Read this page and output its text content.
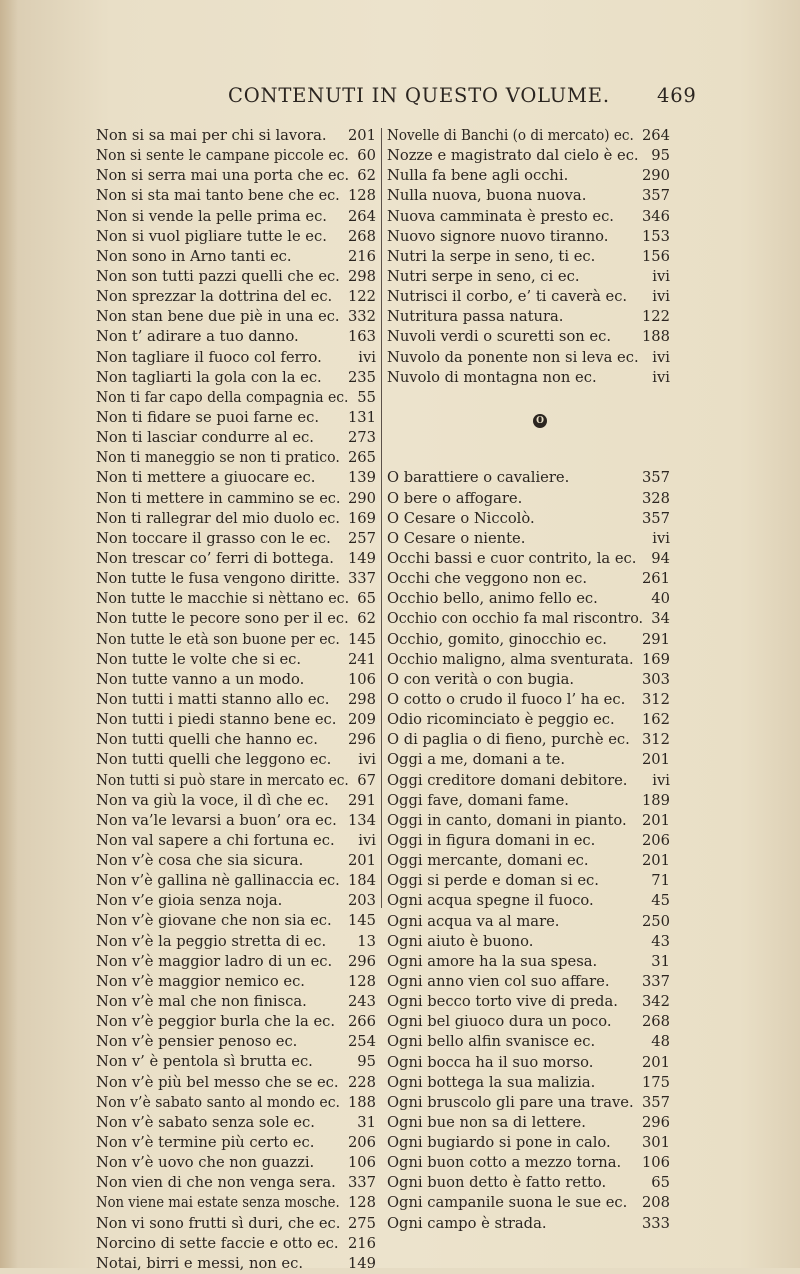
CONTENUTI IN QUESTO VOLUME. 469
Non si sa mai per chi si lavora. 201
Non si sente le campane piccole ec. 60
Non si serra mai una porta che ec. 62
Non si sta mai tanto bene che ec. 128
Non si vende la pelle prima ec. 264
Non si vuol pigliare tutte le ec. 268
Non sono in Arno tanti ec.	216
Non son tutti pazzi quelli che ec. 298
Non sprezzar la dottrina del ec. 122
Non stan bene due piè in una ec. 332
Non t’ adirare a tuo danno.	163
Non tagliare il fuoco col ferro. ivi
Non tagliarti la gola con la ec. 235
Non ti far capo della compagnia ec. 55
Non ti fidare se puoi farne ec. 131
Non ti lasciar condurre al ec. 273
Non ti maneggio se non ti pratico. 265
Non ti mettere a giuocare ec. 139
Non ti mettere in cammino se ec. 290
Non ti rallegrar del mio duolo ec. 169
Non toccare il grasso con le ec. 257
Non trescar co’ ferri di bottega. 149
Non tutte le fusa vengono diritte. 337
Non tutte le macchie si nèttano ec. 65
Non tutte le pecore sono per il ec. 62
Non tutte le età son buone per ec. 145
Non tutte le volte che si ec.	241
Non tutte vanno a un modo.	106
Non tutti i matti stanno allo ec. 298
Non tutti i piedi stanno bene ec. 209
Non tutti quelli che hanno ec. 296
Non tutti quelli che leggono ec. ivi
Non tutti si può stare in mercato ec. 67
Non va giù la voce, il dì che ec. 291
Non va’le levarsi a buon’ ora ec. 134
Non val sapere a chi fortuna ec. ivi
Non v’è cosa che sia sicura.	201
Non v’è gallina nè gallinaccia ec. 184
Non v’e gioia senza noja.	203
Non v’è giovane che non sia ec. 145
Non v’è la peggio stretta di ec. 13
Non v’è maggior ladro di un ec. 296
Non v’è maggior nemico ec.	128
Non v’è mal che non finisca.	243
Non v’è peggior burla che la ec. 266
Non v’è pensier penoso ec.	254
Non v’ è pentola sì brutta ec.	95
Non v’è più bel messo che se ec. 228
Non v’è sabato santo al mondo ec. 188
Non v’è sabato senza sole ec.	31
Non v’è termine più certo ec. 206
Non v’è uovo che non guazzi. 106
Non vien di che non venga sera. 337
Non viene mai estate senza mosche. 128
Non vi sono frutti sì duri, che ec. 275
Norcino di sette faccie e otto ec. 216
Notai, birri e messi, non ec.	149
Novelle di Banchi (o di mercato) ec. 264
Nozze e magistrato dal cielo è ec. 95
Nulla fa bene agli occhi.	290
Nulla nuova, buona nuova.	357
Nuova camminata è presto ec. 346
Nuovo signore nuovo tiranno. 153
Nutri la serpe in seno, ti ec.	156
Nutri serpe in seno, ci ec.	ivi
Nutrisci il corbo, e’ ti caverà ec. ivi
Nutritura passa natura.	122
Nuvoli verdi o scuretti son ec. 188
Nuvolo da ponente non si leva ec. ivi
Nuvolo di montagna non ec.	ivi
O
O barattiere o cavaliere.	357
O bere o affogare.	328
O Cesare o Niccolò.	357
O Cesare o niente.	ivi
Occhi bassi e cuor contrito, la ec. 94
Occhi che veggono non ec.	261
Occhio bello, animo fello ec.	40
Occhio con occhio fa mal riscontro. 34
Occhio, gomito, ginocchio ec. 291
Occhio maligno, alma sventurata. 169
O con verità o con bugia.	303
O cotto o crudo il fuoco l’ ha ec. 312
Odio ricominciato è peggio ec. 162
O di paglia o di fieno, purchè ec. 312
Oggi a me, domani a te.	201
Oggi creditore domani debitore. ivi
Oggi fave, domani fame.	189
Oggi in canto, domani in pianto. 201
Oggi in figura domani in ec.	206
Oggi mercante, domani ec.	201
Oggi si perde e doman si ec.	71
Ogni acqua spegne il fuoco.	45
Ogni acqua va al mare.	250
Ogni aiuto è buono.	43
Ogni amore ha la sua spesa.	31
Ogni anno vien col suo affare. 337
Ogni becco torto vive di preda. 342
Ogni bel giuoco dura un poco. 268
Ogni bello alfin svanisce ec.	48
Ogni bocca ha il suo morso.	201
Ogni bottega la sua malizia.	175
Ogni bruscolo gli pare una trave. 357
Ogni bue non sa di lettere.	296
Ogni bugiardo si pone in calo. 301
Ogni buon cotto a mezzo torna. 106
Ogni buon detto è fatto retto.	65
Ogni campanile suona le sue ec. 208
Ogni campo è strada.	333
